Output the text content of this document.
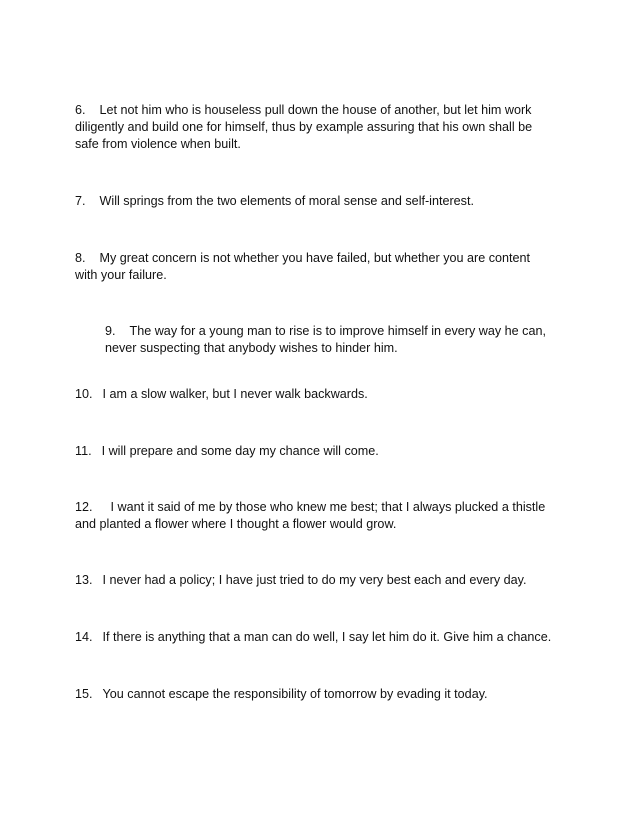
6. Let not him who is houseless pull down the house of another, but let him work diligently and build one for himself, thus by example assuring that his own shall be safe from violence when built.

7. Will springs from the two elements of moral sense and self-interest.

8. My great concern is not whether you have failed, but whether you are content with your failure.

9. The way for a young man to rise is to improve himself in every way he can, never suspecting that anybody wishes to hinder him.

10. I am a slow walker, but I never walk backwards.

11. I will prepare and some day my chance will come.

12. I want it said of me by those who knew me best; that I always plucked a thistle and planted a flower where I thought a flower would grow.

13. I never had a policy; I have just tried to do my very best each and every day.

14. If there is anything that a man can do well, I say let him do it. Give him a chance.

15. You cannot escape the responsibility of tomorrow by evading it today.
